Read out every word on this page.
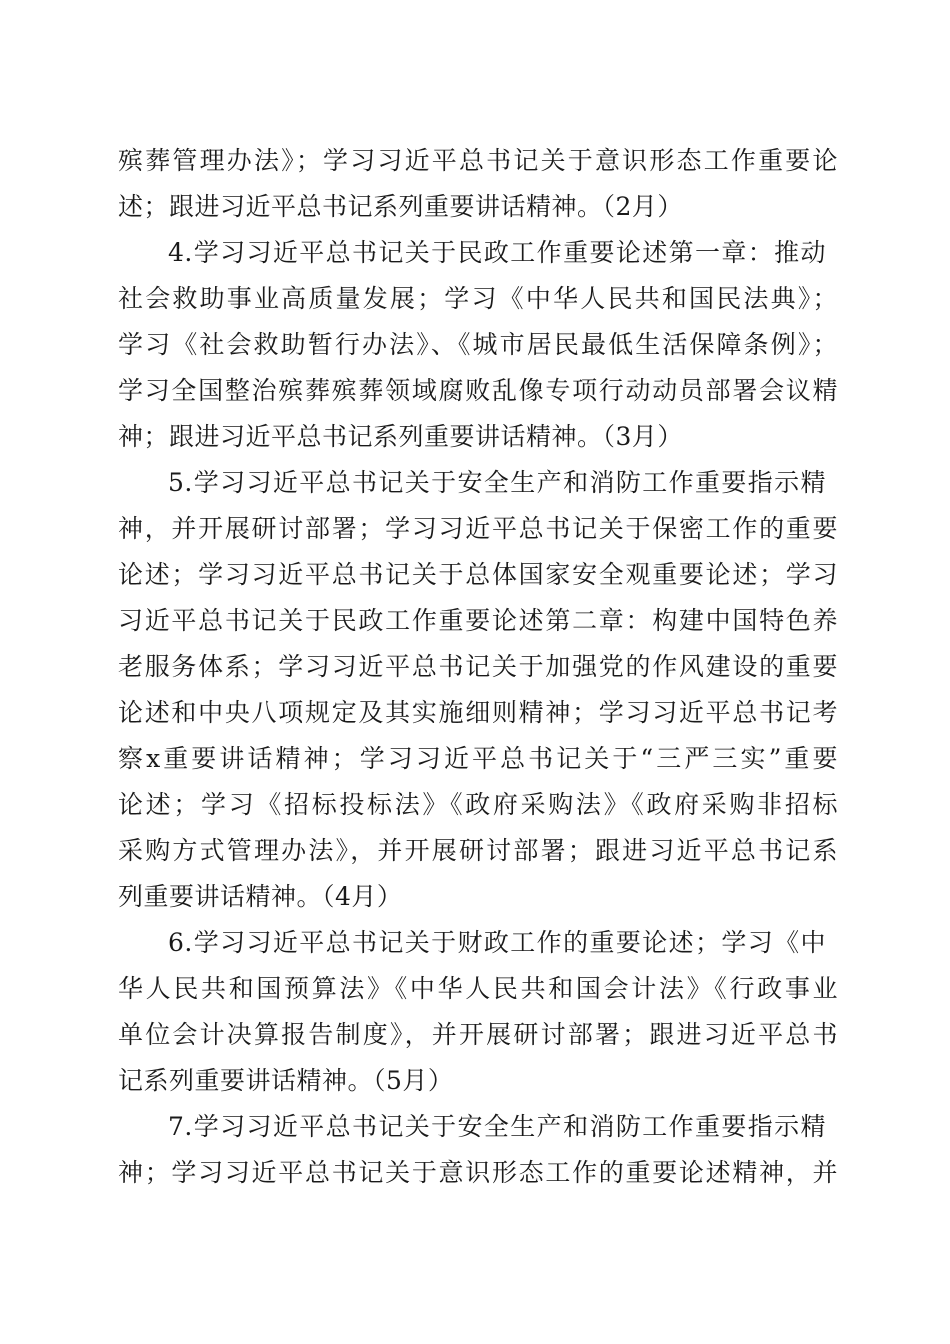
殡葬管理办法》；学习习近平总书记关于意识形态工作重要论
述；跟进习近平总书记系列重要讲话精神。（2月）
4.学习习近平总书记关于民政工作重要论述第一章：推动
社会救助事业高质量发展；学习《中华人民共和国民法典》；
学习《社会救助暂行办法》、《城市居民最低生活保障条例》；
学习全国整治殡葬殡葬领域腐败乱像专项行动动员部署会议精
神；跟进习近平总书记系列重要讲话精神。（3月）
5.学习习近平总书记关于安全生产和消防工作重要指示精
神，并开展研讨部署；学习习近平总书记关于保密工作的重要
论述；学习习近平总书记关于总体国家安全观重要论述；学习
习近平总书记关于民政工作重要论述第二章：构建中国特色养
老服务体系；学习习近平总书记关于加强党的作风建设的重要
论述和中央八项规定及其实施细则精神；学习习近平总书记考
察x重要讲话精神；学习习近平总书记关于“三严三实”重要
论述；学习《招标投标法》《政府采购法》《政府采购非招标
采购方式管理办法》，并开展研讨部署；跟进习近平总书记系
列重要讲话精神。（4月）
6.学习习近平总书记关于财政工作的重要论述；学习《中
华人民共和国预算法》《中华人民共和国会计法》《行政事业
单位会计决算报告制度》，并开展研讨部署；跟进习近平总书
记系列重要讲话精神。（5月）
7.学习习近平总书记关于安全生产和消防工作重要指示精
神；学习习近平总书记关于意识形态工作的重要论述精神，并
